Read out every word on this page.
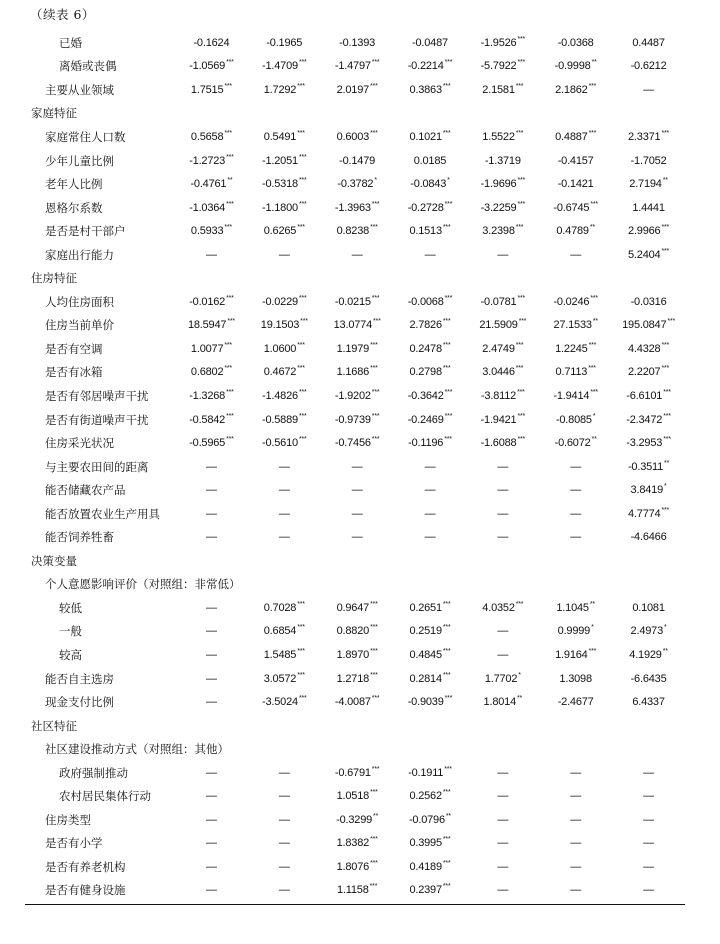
（续表 6）
已婚	-0.1624	-0.1965	-0.1393	-0.0487	-1.9526***	-0.0368	0.4487
离婚或丧偶	-1.0569***	-1.4709***	-1.4797***	-0.2214***	-5.7922***	-0.9998**	-0.6212
主要从业领域	1.7515***	1.7292***	2.0197***	0.3863***	2.1581***	2.1862***	—
家庭特征							
家庭常住人口数	0.5658***	0.5491***	0.6003***	0.1021***	1.5522***	0.4887***	2.3371***
少年儿童比例	-1.2723***	-1.2051***	-0.1479	0.0185	-1.3719	-0.4157	-1.7052
老年人比例	-0.4761**	-0.5318***	-0.3782*	-0.0843*	-1.9696***	-0.1421	2.7194**
恩格尔系数	-1.0364***	-1.1800***	-1.3963***	-0.2728***	-3.2259***	-0.6745***	1.4441
是否是村干部户	0.5933***	0.6265***	0.8238***	0.1513***	3.2398***	0.4789**	2.9966***
家庭出行能力	—	—	—	—	—	—	5.2404***
住房特征							
人均住房面积	-0.0162***	-0.0229***	-0.0215***	-0.0068***	-0.0781***	-0.0246***	-0.0316
住房当前单价	18.5947***	19.1503***	13.0774***	2.7826***	21.5909***	27.1533**	195.0847***
是否有空调	1.0077***	1.0600***	1.1979***	0.2478***	2.4749***	1.2245***	4.4328***
是否有冰箱	0.6802***	0.4672***	1.1686***	0.2798***	3.0446***	0.7113***	2.2207***
是否有邻居噪声干扰	-1.3268***	-1.4826***	-1.9202***	-0.3642***	-3.8112***	-1.9414***	-6.6101***
是否有街道噪声干扰	-0.5842***	-0.5889***	-0.9739***	-0.2469***	-1.9421***	-0.8085*	-2.3472***
住房采光状况	-0.5965***	-0.5610***	-0.7456***	-0.1196***	-1.6088***	-0.6072**	-3.2953***
与主要农田间的距离	—	—	—	—	—	—	-0.3511**
能否储藏农产品	—	—	—	—	—	—	3.8419*
能否放置农业生产用具	—	—	—	—	—	—	4.7774***
能否饲养牲畜	—	—	—	—	—	—	-4.6466
决策变量							
个人意愿影响评价（对照组：非常低）							
较低	—	0.7028***	0.9647***	0.2651***	4.0352***	1.1045**	0.1081
一般	—	0.6854***	0.8820***	0.2519***	—	0.9999*	2.4973*
较高	—	1.5485***	1.8970***	0.4845***	—	1.9164***	4.1929**
能否自主选房	—	3.0572***	1.2718***	0.2814***	1.7702*	1.3098	-6.6435
现金支付比例	—	-3.5024***	-4.0087***	-0.9039***	1.8014**	-2.4677	6.4337
社区特征							
社区建设推动方式（对照组：其他）							
政府强制推动	—	—	-0.6791***	-0.1911***	—	—	—
农村居民集体行动	—	—	1.0518***	0.2562***	—	—	—
住房类型	—	—	-0.3299**	-0.0796**	—	—	—
是否有小学	—	—	1.8382***	0.3995***	—	—	—
是否有养老机构	—	—	1.8076***	0.4189***	—	—	—
是否有健身设施	—	—	1.1158***	0.2397***	—	—	—
